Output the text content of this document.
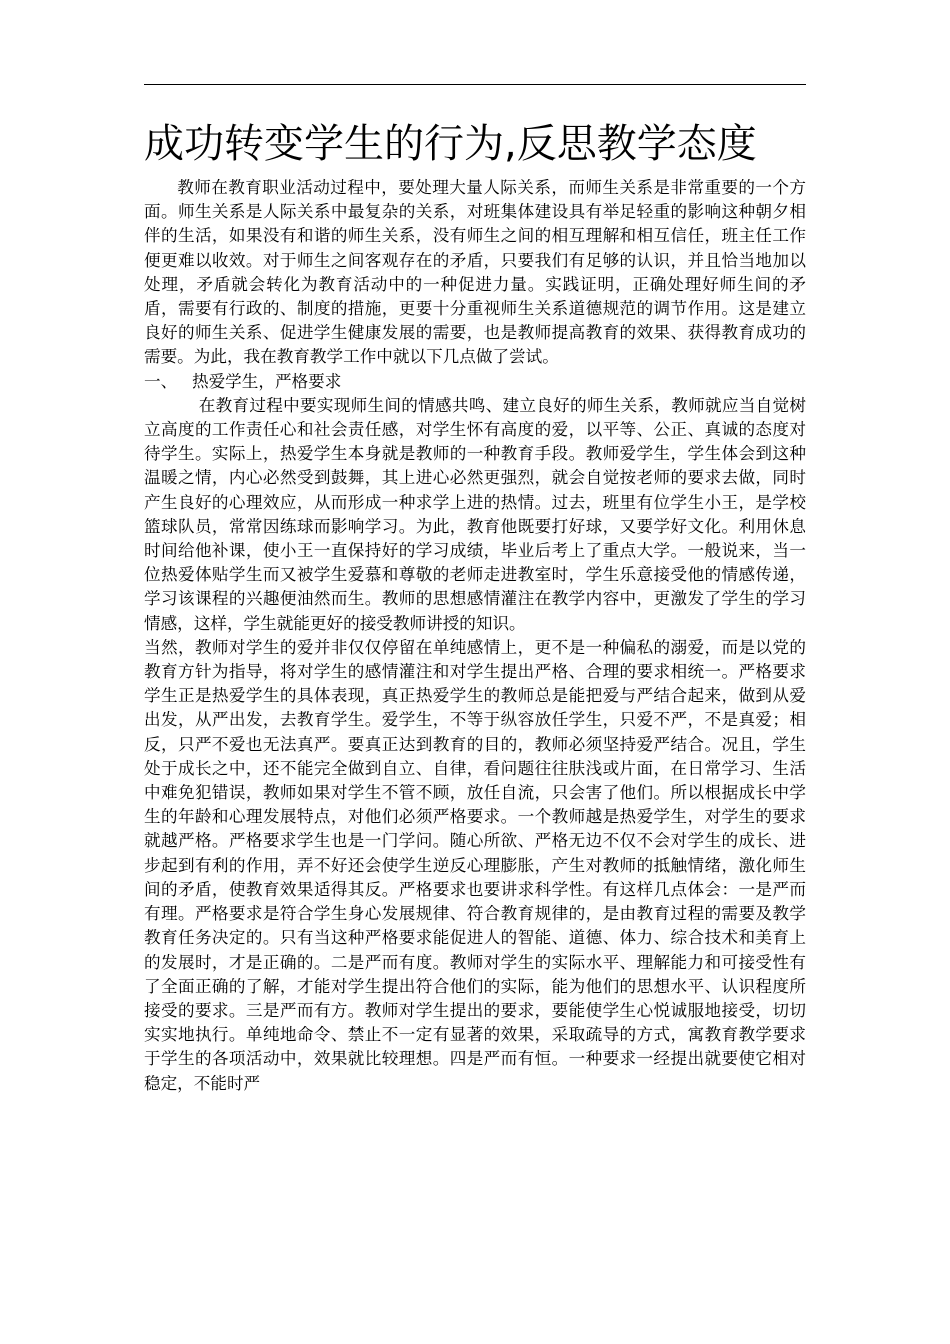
成功转变学生的行为,反思教学态度

教师在教育职业活动过程中，要处理大量人际关系，而师生关系是非常重要的一个方面。师生关系是人际关系中最复杂的关系，对班集体建设具有举足轻重的影响这种朝夕相伴的生活，如果没有和谐的师生关系，没有师生之间的相互理解和相互信任，班主任工作便更难以收效。对于师生之间客观存在的矛盾，只要我们有足够的认识，并且恰当地加以处理，矛盾就会转化为教育活动中的一种促进力量。实践证明，正确处理好师生间的矛盾，需要有行政的、制度的措施，更要十分重视师生关系道德规范的调节作用。这是建立良好的师生关系、促进学生健康发展的需要，也是教师提高教育的效果、获得教育成功的需要。为此，我在教育教学工作中就以下几点做了尝试。

一、 热爱学生，严格要求

在教育过程中要实现师生间的情感共鸣、建立良好的师生关系，教师就应当自觉树立高度的工作责任心和社会责任感，对学生怀有高度的爱，以平等、公正、真诚的态度对待学生。实际上，热爱学生本身就是教师的一种教育手段。教师爱学生，学生体会到这种温暖之情，内心必然受到鼓舞，其上进心必然更强烈，就会自觉按老师的要求去做，同时产生良好的心理效应，从而形成一种求学上进的热情。过去，班里有位学生小王，是学校篮球队员，常常因练球而影响学习。为此，教育他既要打好球，又要学好文化。利用休息时间给他补课，使小王一直保持好的学习成绩，毕业后考上了重点大学。一般说来，当一位热爱体贴学生而又被学生爱慕和尊敬的老师走进教室时，学生乐意接受他的情感传递，学习该课程的兴趣便油然而生。教师的思想感情灌注在教学内容中，更激发了学生的学习情感，这样，学生就能更好的接受教师讲授的知识。

当然，教师对学生的爱并非仅仅停留在单纯感情上，更不是一种偏私的溺爱，而是以党的教育方针为指导，将对学生的感情灌注和对学生提出严格、合理的要求相统一。严格要求学生正是热爱学生的具体表现，真正热爱学生的教师总是能把爱与严结合起来，做到从爱出发，从严出发，去教育学生。爱学生，不等于纵容放任学生，只爱不严，不是真爱；相反，只严不爱也无法真严。要真正达到教育的目的，教师必须坚持爱严结合。况且，学生处于成长之中，还不能完全做到自立、自律，看问题往往肤浅或片面，在日常学习、生活中难免犯错误，教师如果对学生不管不顾，放任自流，只会害了他们。所以根据成长中学生的年龄和心理发展特点，对他们必须严格要求。一个教师越是热爱学生，对学生的要求就越严格。严格要求学生也是一门学问。随心所欲、严格无边不仅不会对学生的成长、进步起到有利的作用，弄不好还会使学生逆反心理膨胀，产生对教师的抵触情绪，激化师生间的矛盾，使教育效果适得其反。严格要求也要讲求科学性。有这样几点体会：一是严而有理。严格要求是符合学生身心发展规律、符合教育规律的，是由教育过程的需要及教学教育任务决定的。只有当这种严格要求能促进人的智能、道德、体力、综合技术和美育上的发展时，才是正确的。二是严而有度。教师对学生的实际水平、理解能力和可接受性有了全面正确的了解，才能对学生提出符合他们的实际，能为他们的思想水平、认识程度所接受的要求。三是严而有方。教师对学生提出的要求，要能使学生心悦诚服地接受，切切实实地执行。单纯地命令、禁止不一定有显著的效果，采取疏导的方式，寓教育教学要求于学生的各项活动中，效果就比较理想。四是严而有恒。一种要求一经提出就要使它相对稳定，不能时严
